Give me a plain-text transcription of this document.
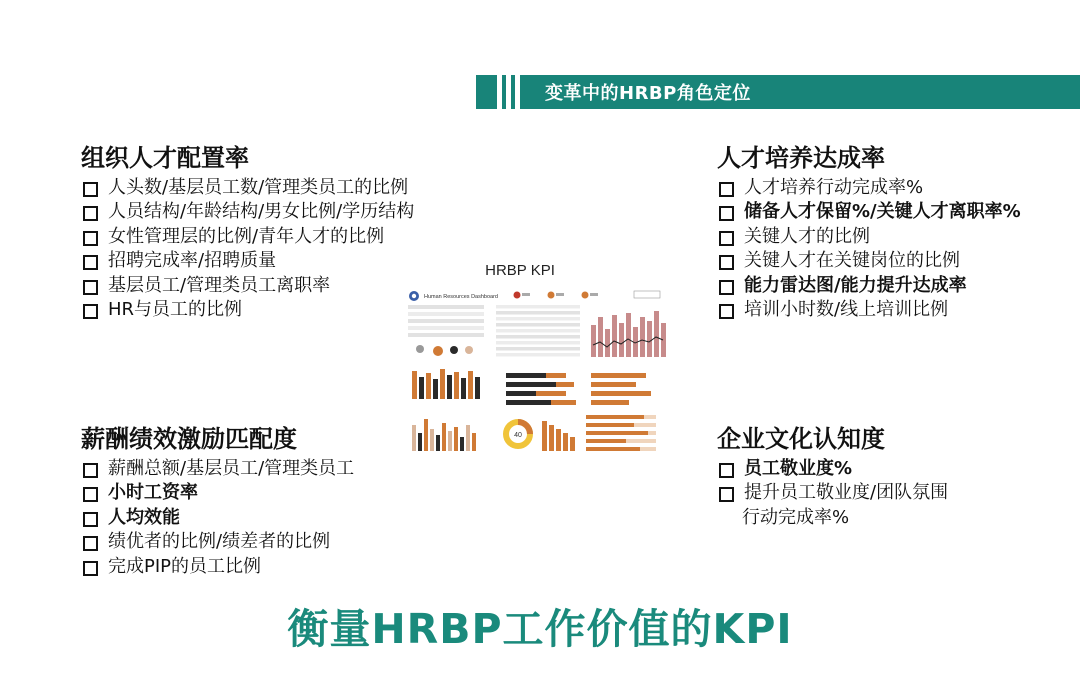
变革中的HRBP角色定位
组织人才配置率
人头数/基层员工数/管理类员工的比例
人员结构/年龄结构/男女比例/学历结构
女性管理层的比例/青年人才的比例
招聘完成率/招聘质量
基层员工/管理类员工离职率
HR与员工的比例
人才培养达成率
人才培养行动完成率%
储备人才保留%/关键人才离职率%
关键人才的比例
关键人才在关键岗位的比例
能力雷达图/能力提升达成率
培训小时数/线上培训比例
薪酬绩效激励匹配度
薪酬总额/基层员工/管理类员工
小时工资率
人均效能
绩优者的比例/绩差者的比例
完成PIP的员工比例
企业文化认知度
员工敬业度%
提升员工敬业度/团队氛围
行动完成率%
HRBP KPI
Human Resources Dashboard
40
衡量HRBP工作价值的KPI
